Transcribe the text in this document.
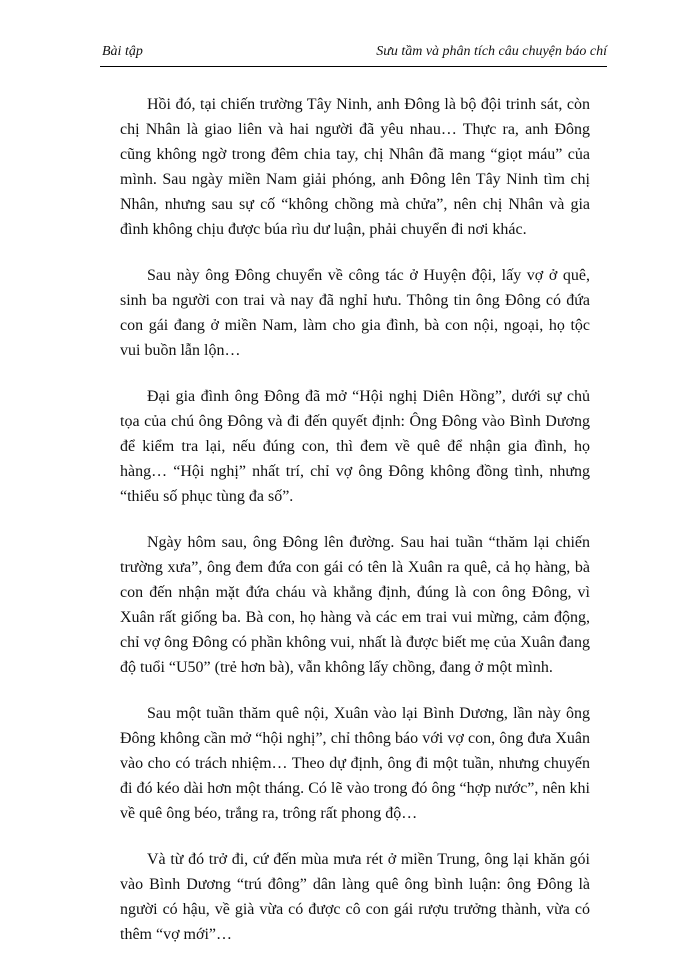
Bài tập	Sưu tầm và phân tích câu chuyện báo chí

Hồi đó, tại chiến trường Tây Ninh, anh Đông là bộ đội trinh sát, còn chị Nhân là giao liên và hai người đã yêu nhau… Thực ra, anh Đông cũng không ngờ trong đêm chia tay, chị Nhân đã mang “giọt máu” của mình. Sau ngày miền Nam giải phóng, anh Đông lên Tây Ninh tìm chị Nhân, nhưng sau sự cố “không chồng mà chửa”, nên chị Nhân và gia đình không chịu được búa rìu dư luận, phải chuyển đi nơi khác.

Sau này ông Đông chuyển về công tác ở Huyện đội, lấy vợ ở quê, sinh ba người con trai và nay đã nghỉ hưu. Thông tin ông Đông có đứa con gái đang ở miền Nam, làm cho gia đình, bà con nội, ngoại, họ tộc vui buồn lẫn lộn…

Đại gia đình ông Đông đã mở “Hội nghị Diên Hồng”, dưới sự chủ tọa của chú ông Đông và đi đến quyết định: Ông Đông vào Bình Dương để kiểm tra lại, nếu đúng con, thì đem về quê để nhận gia đình, họ hàng… “Hội nghị” nhất trí, chỉ vợ ông Đông không đồng tình, nhưng “thiểu số phục tùng đa số”.

Ngày hôm sau, ông Đông lên đường. Sau hai tuần “thăm lại chiến trường xưa”, ông đem đứa con gái có tên là Xuân ra quê, cả họ hàng, bà con đến nhận mặt đứa cháu và khẳng định, đúng là con ông Đông, vì Xuân rất giống ba. Bà con, họ hàng và các em trai vui mừng, cảm động, chỉ vợ ông Đông có phần không vui, nhất là được biết mẹ của Xuân đang độ tuổi “U50” (trẻ hơn bà), vẫn không lấy chồng, đang ở một mình.

Sau một tuần thăm quê nội, Xuân vào lại Bình Dương, lần này ông Đông không cần mở “hội nghị”, chỉ thông báo với vợ con, ông đưa Xuân vào cho có trách nhiệm… Theo dự định, ông đi một tuần, nhưng chuyến đi đó kéo dài hơn một tháng. Có lẽ vào trong đó ông “hợp nước”, nên khi về quê ông béo, trắng ra, trông rất phong độ…

Và từ đó trở đi, cứ đến mùa mưa rét ở miền Trung, ông lại khăn gói vào Bình Dương “trú đông” dân làng quê ông bình luận: ông Đông là người có hậu, về già vừa có được cô con gái rượu trưởng thành, vừa có thêm “vợ mới”…
